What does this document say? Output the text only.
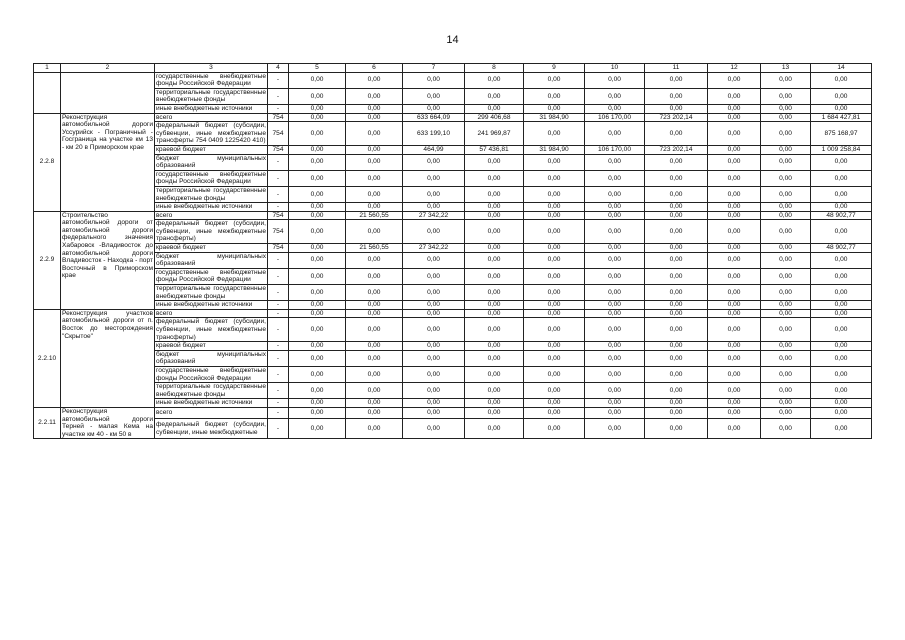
14
1	2	3	4	5	6	7	8	9	10	11	12	13	14
		государственные внебюджетные фонды Российской Федерации	-	0,00	0,00	0,00	0,00	0,00	0,00	0,00	0,00	0,00	0,00
		территориальные государственные внебюджетные фонды	-	0,00	0,00	0,00	0,00	0,00	0,00	0,00	0,00	0,00	0,00
		иные внебюджетные источники	-	0,00	0,00	0,00	0,00	0,00	0,00	0,00	0,00	0,00	0,00
2.2.8	Реконструкция автомобильной дороги Уссурийск - Пограничный - Госграница на участке км 13 - км 20 в Приморском крае	всего	754	0,00	0,00	633 664,09	299 406,68	31 984,90	106 170,00	723 202,14	0,00	0,00	1 684 427,81
		федеральный бюджет (субсидии, субвенции, иные межбюджетные трансферты 754 0409 1225420 410)	754	0,00	0,00	633 199,10	241 969,87	0,00	0,00	0,00	0,00	0,00	875 168,97
		краевой бюджет	754	0,00	0,00	464,99	57 436,81	31 984,90	106 170,00	723 202,14	0,00	0,00	1 009 258,84
		бюджет муниципальных образований	-	0,00	0,00	0,00	0,00	0,00	0,00	0,00	0,00	0,00	0,00
		государственные внебюджетные фонды Российской Федерации	-	0,00	0,00	0,00	0,00	0,00	0,00	0,00	0,00	0,00	0,00
		территориальные государственные внебюджетные фонды	-	0,00	0,00	0,00	0,00	0,00	0,00	0,00	0,00	0,00	0,00
		иные внебюджетные источники	-	0,00	0,00	0,00	0,00	0,00	0,00	0,00	0,00	0,00	0,00
2.2.9	Строительство автомобильной дороги от автомобильной дороги федерального значения Хабаровск -Владивосток до автомобильной дороги Владивосток - Находка - порт Восточный в Приморском крае	всего	754	0,00	21 560,55	27 342,22	0,00	0,00	0,00	0,00	0,00	0,00	48 902,77
		федеральный бюджет (субсидии, субвенции, иные межбюджетные трансферты)	754	0,00	0,00	0,00	0,00	0,00	0,00	0,00	0,00	0,00	0,00
		краевой бюджет	754	0,00	21 560,55	27 342,22	0,00	0,00	0,00	0,00	0,00	0,00	48 902,77
		бюджет муниципальных образований	-	0,00	0,00	0,00	0,00	0,00	0,00	0,00	0,00	0,00	0,00
		государственные внебюджетные фонды Российской Федерации	-	0,00	0,00	0,00	0,00	0,00	0,00	0,00	0,00	0,00	0,00
		территориальные государственные внебюджетные фонды	-	0,00	0,00	0,00	0,00	0,00	0,00	0,00	0,00	0,00	0,00
		иные внебюджетные источники	-	0,00	0,00	0,00	0,00	0,00	0,00	0,00	0,00	0,00	0,00
2.2.10	Реконструкция участков автомобильной дороги от п. Восток до месторождения "Скрытое"	всего	-	0,00	0,00	0,00	0,00	0,00	0,00	0,00	0,00	0,00	0,00
		федеральный бюджет (субсидии, субвенции, иные межбюджетные трансферты)	-	0,00	0,00	0,00	0,00	0,00	0,00	0,00	0,00	0,00	0,00
		краевой бюджет	-	0,00	0,00	0,00	0,00	0,00	0,00	0,00	0,00	0,00	0,00
		бюджет муниципальных образований	-	0,00	0,00	0,00	0,00	0,00	0,00	0,00	0,00	0,00	0,00
		государственные внебюджетные фонды Российской Федерации	-	0,00	0,00	0,00	0,00	0,00	0,00	0,00	0,00	0,00	0,00
		территориальные государственные внебюджетные фонды	-	0,00	0,00	0,00	0,00	0,00	0,00	0,00	0,00	0,00	0,00
		иные внебюджетные источники	-	0,00	0,00	0,00	0,00	0,00	0,00	0,00	0,00	0,00	0,00
2.2.11	Реконструкция автомобильной дороги Терней - малая Кема на участке км 40 - км 50 в	всего	-	0,00	0,00	0,00	0,00	0,00	0,00	0,00	0,00	0,00	0,00
		федеральный бюджет (субсидии, субвенции, иные межбюджетные	-	0,00	0,00	0,00	0,00	0,00	0,00	0,00	0,00	0,00	0,00
